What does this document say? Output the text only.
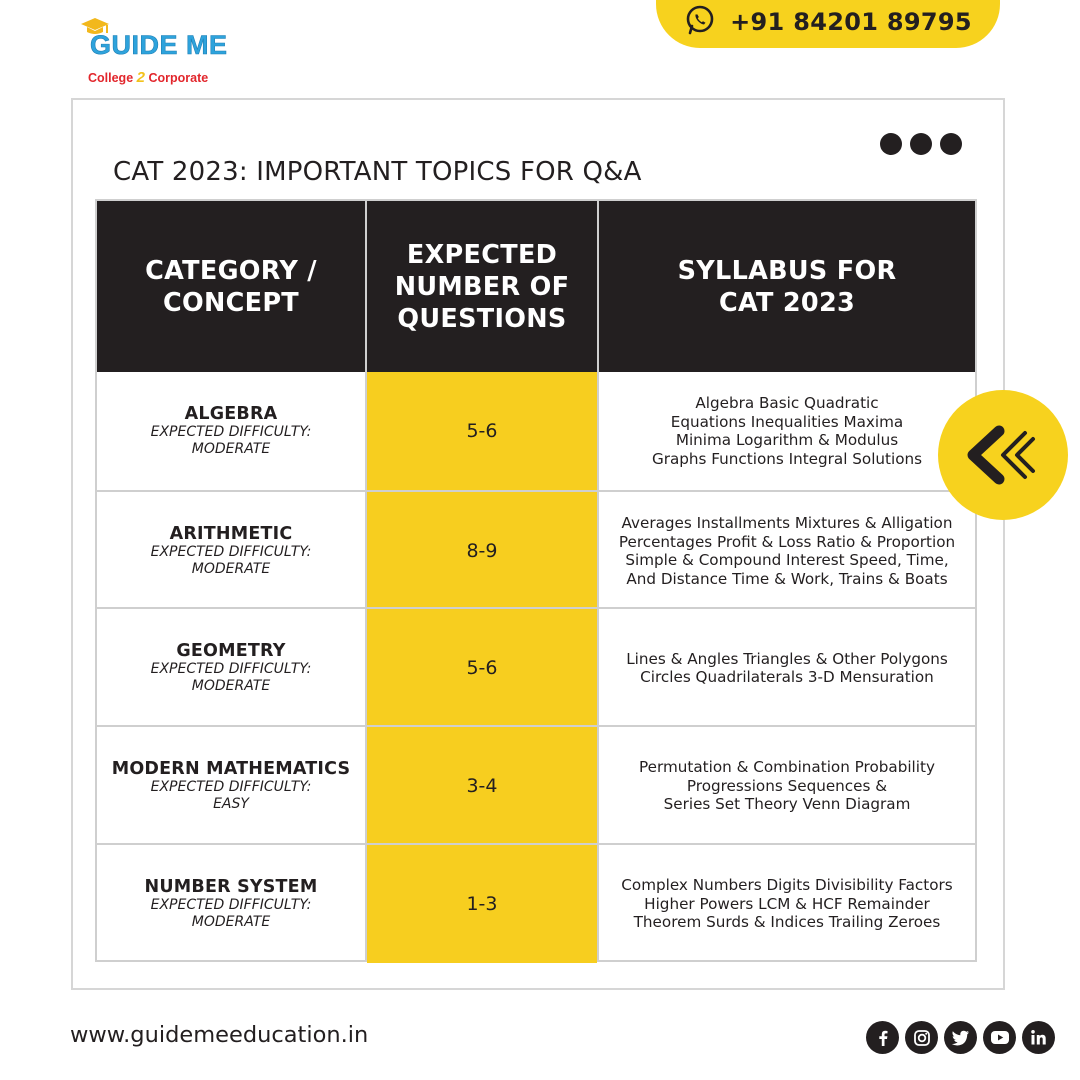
GUIDE ME
College 2 Corporate
+91 84201 89795
CAT 2023: IMPORTANT TOPICS FOR Q&A
CATEGORY /
CONCEPT
EXPECTED
NUMBER OF
QUESTIONS
SYLLABUS FOR
CAT 2023
ALGEBRA
EXPECTED DIFFICULTY:
MODERATE
5-6
Algebra Basic Quadratic
Equations Inequalities Maxima
Minima Logarithm & Modulus
Graphs Functions Integral Solutions
ARITHMETIC
EXPECTED DIFFICULTY:
MODERATE
8-9
Averages Installments Mixtures & Alligation
Percentages Profit & Loss Ratio & Proportion
Simple & Compound Interest Speed, Time,
And Distance Time & Work, Trains & Boats
GEOMETRY
EXPECTED DIFFICULTY:
MODERATE
5-6	Lines & Angles Triangles & Other Polygons
Circles Quadrilaterals 3-D Mensuration
MODERN MATHEMATICS
EXPECTED DIFFICULTY:
EASY
3-4
Permutation & Combination Probability
Progressions Sequences &
Series Set Theory Venn Diagram
NUMBER SYSTEM
EXPECTED DIFFICULTY:
MODERATE
1-3
Complex Numbers Digits Divisibility Factors
Higher Powers LCM & HCF Remainder
Theorem Surds & Indices Trailing Zeroes
www.guidemeeducation.in
